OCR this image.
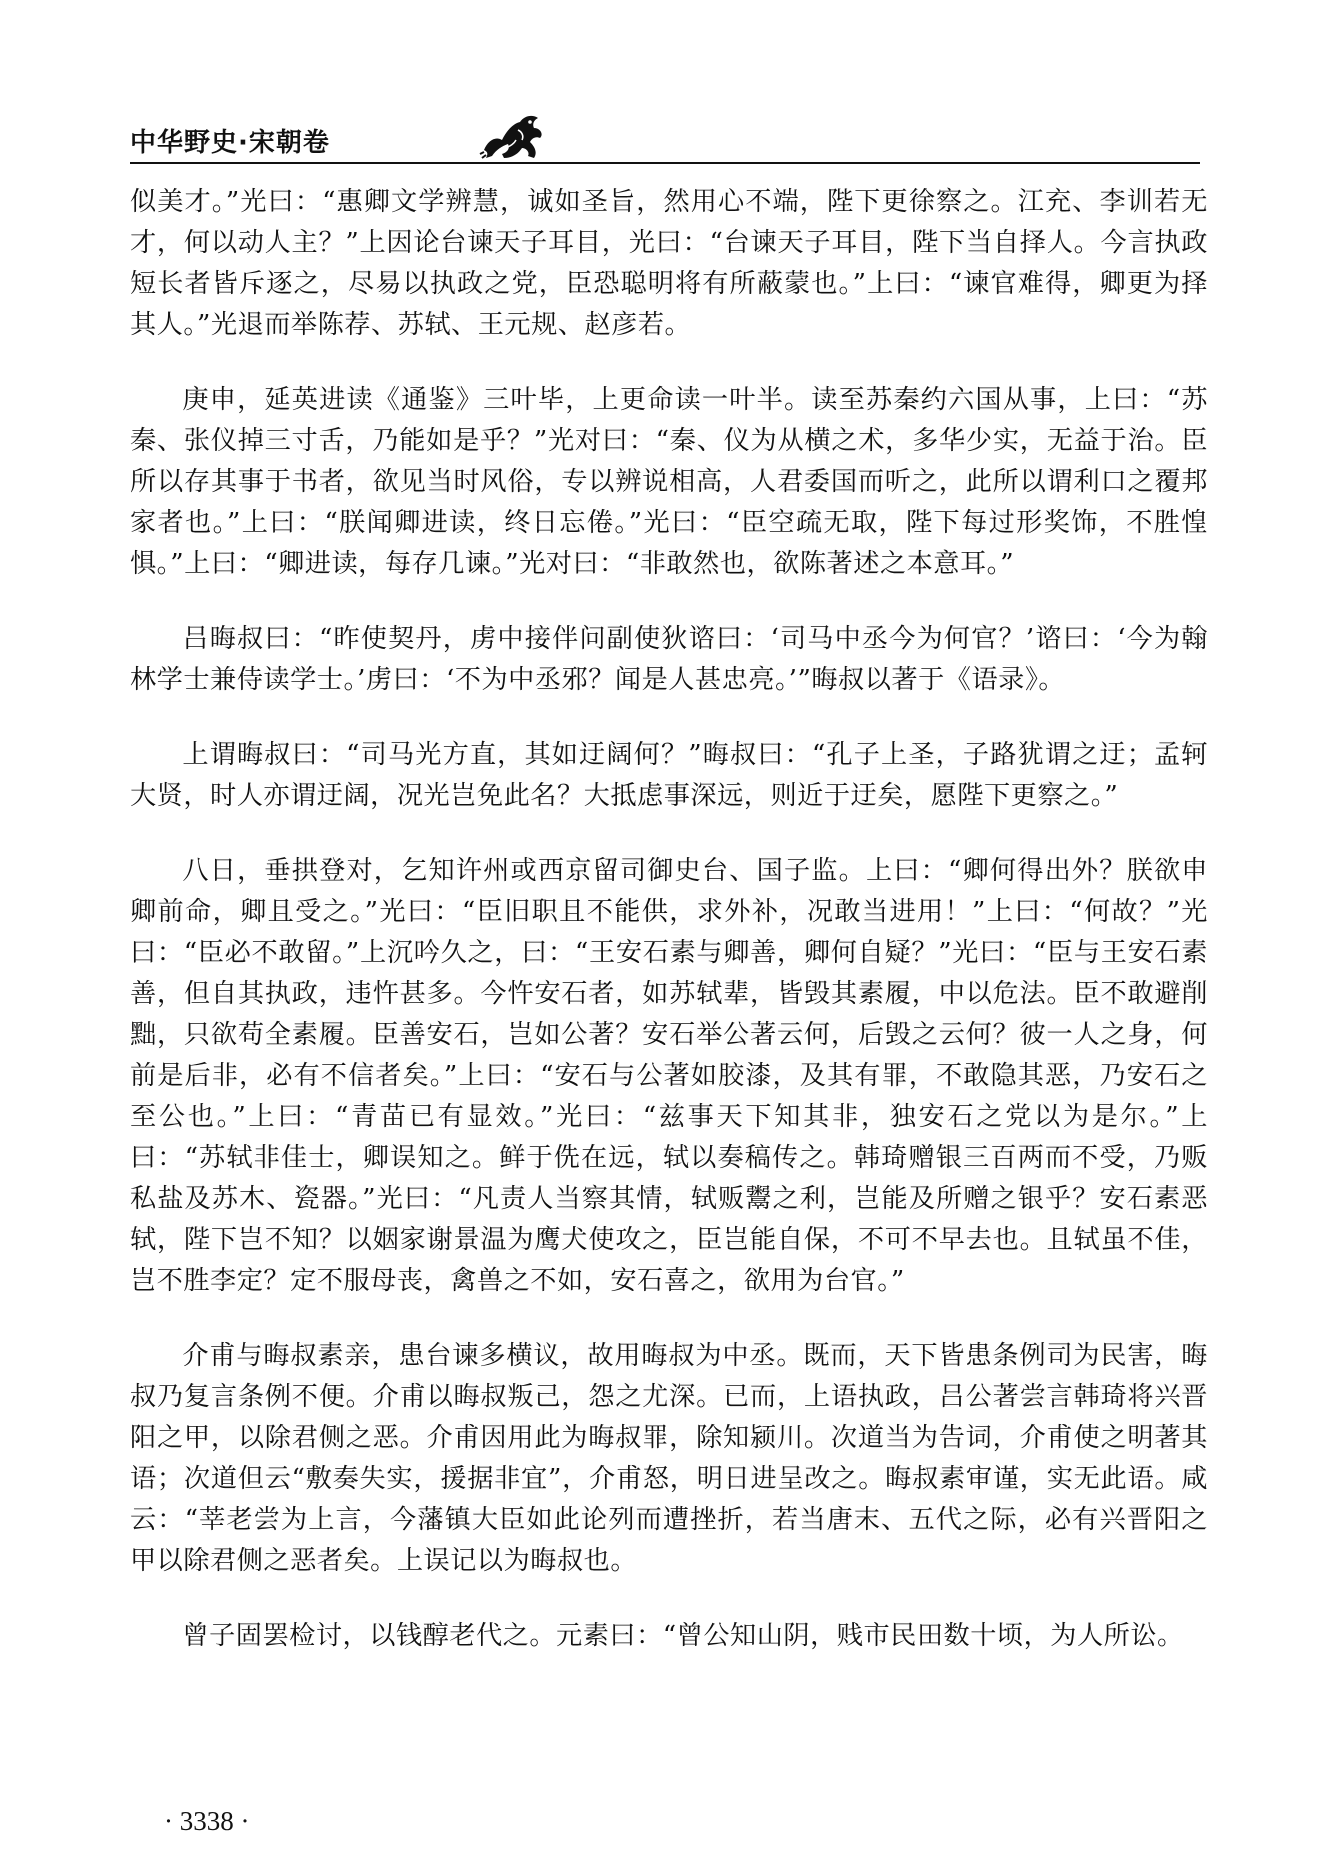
中华野史·宋朝卷

似美才。”光曰：“惠卿文学辨慧，诚如圣旨，然用心不端，陛下更徐察之。江充、李训若无才，何以动人主？”上因论台谏天子耳目，光曰：“台谏天子耳目，陛下当自择人。今言执政短长者皆斥逐之，尽易以执政之党，臣恐聪明将有所蔽蒙也。”上曰：“谏官难得，卿更为择其人。”光退而举陈荐、苏轼、王元规、赵彦若。

庚申，延英进读《通鉴》三叶毕，上更命读一叶半。读至苏秦约六国从事，上曰：“苏秦、张仪掉三寸舌，乃能如是乎？”光对曰：“秦、仪为从横之术，多华少实，无益于治。臣所以存其事于书者，欲见当时风俗，专以辨说相高，人君委国而听之，此所以谓利口之覆邦家者也。”上曰：“朕闻卿进读，终日忘倦。”光曰：“臣空疏无取，陛下每过形奖饰，不胜惶惧。”上曰：“卿进读，每存几谏。”光对曰：“非敢然也，欲陈著述之本意耳。”

吕晦叔曰：“昨使契丹，虏中接伴问副使狄谘曰：‘司马中丞今为何官？’谘曰：‘今为翰林学士兼侍读学士。’虏曰：‘不为中丞邪？闻是人甚忠亮。’”晦叔以著于《语录》。

上谓晦叔曰：“司马光方直，其如迂阔何？”晦叔曰：“孔子上圣，子路犹谓之迂；孟轲大贤，时人亦谓迂阔，况光岂免此名？大抵虑事深远，则近于迂矣，愿陛下更察之。”

八日，垂拱登对，乞知许州或西京留司御史台、国子监。上曰：“卿何得出外？朕欲申卿前命，卿且受之。”光曰：“臣旧职且不能供，求外补，况敢当进用！”上曰：“何故？”光曰：“臣必不敢留。”上沉吟久之，曰：“王安石素与卿善，卿何自疑？”光曰：“臣与王安石素善，但自其执政，违忤甚多。今忤安石者，如苏轼辈，皆毁其素履，中以危法。臣不敢避削黜，只欲苟全素履。臣善安石，岂如公著？安石举公著云何，后毁之云何？彼一人之身，何前是后非，必有不信者矣。”上曰：“安石与公著如胶漆，及其有罪，不敢隐其恶，乃安石之至公也。”上曰：“青苗已有显效。”光曰：“兹事天下知其非，独安石之党以为是尔。”上曰：“苏轼非佳士，卿误知之。鲜于侁在远，轼以奏稿传之。韩琦赠银三百两而不受，乃贩私盐及苏木、瓷器。”光曰：“凡责人当察其情，轼贩鬻之利，岂能及所赠之银乎？安石素恶轼，陛下岂不知？以姻家谢景温为鹰犬使攻之，臣岂能自保，不可不早去也。且轼虽不佳，岂不胜李定？定不服母丧，禽兽之不如，安石喜之，欲用为台官。”

介甫与晦叔素亲，患台谏多横议，故用晦叔为中丞。既而，天下皆患条例司为民害，晦叔乃复言条例不便。介甫以晦叔叛己，怨之尤深。已而，上语执政，吕公著尝言韩琦将兴晋阳之甲，以除君侧之恶。介甫因用此为晦叔罪，除知颍川。次道当为告词，介甫使之明著其语；次道但云“敷奏失实，援据非宜”，介甫怒，明日进呈改之。晦叔素审谨，实无此语。咸云：“莘老尝为上言，今藩镇大臣如此论列而遭挫折，若当唐末、五代之际，必有兴晋阳之甲以除君侧之恶者矣。上误记以为晦叔也。

曾子固罢检讨，以钱醇老代之。元素曰：“曾公知山阴，贱市民田数十顷，为人所讼。

· 3338 ·
